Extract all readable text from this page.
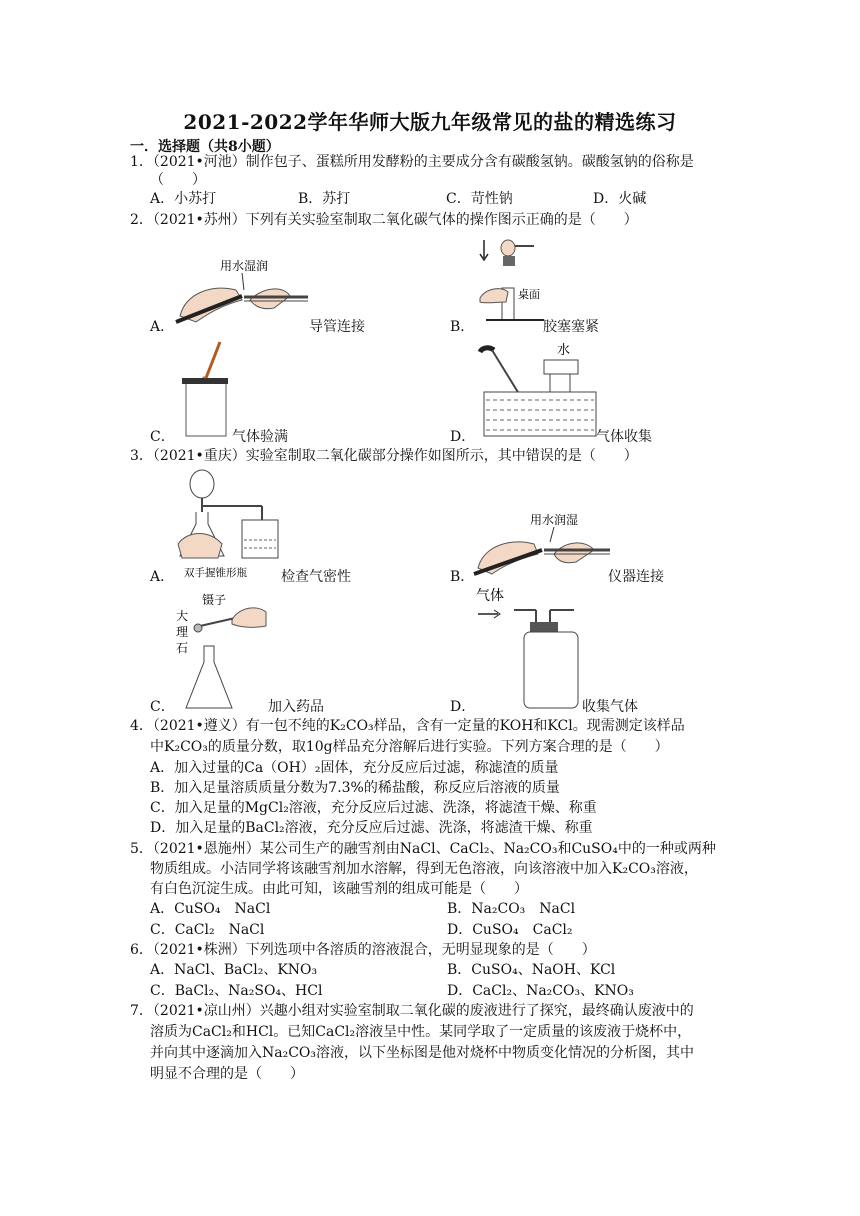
2021-2022学年华师大版九年级常见的盐的精选练习
一．选择题（共8小题）
1．（2021•河池）制作包子、蛋糕所用发酵粉的主要成分含有碳酸氢钠。碳酸氢钠的俗称是
（　　）
A．小苏打	B．苏打	C．苛性钠	D．火碱
2．（2021•苏州）下列有关实验室制取二氧化碳气体的操作图示正确的是（　　）
A．
用水湿润
导管连接	B．
桌面
胶塞塞紧
C．	气体验满	D．
水
气体收集
3．（2021•重庆）实验室制取二氧化碳部分操作如图所示，其中错误的是（　　）
A． 双手握锥形瓶 检查气密性	B．
用水润湿
仪器连接
C．
镊子
大
理
石
加入药品	D．
气体
收集气体
4．（2021•遵义）有一包不纯的K₂CO₃样品，含有一定量的KOH和KCl。现需测定该样品
中K₂CO₃的质量分数，取10g样品充分溶解后进行实验。下列方案合理的是（　　）
A．加入过量的Ca（OH）₂固体，充分反应后过滤，称滤渣的质量
B．加入足量溶质质量分数为7.3%的稀盐酸，称反应后溶液的质量
C．加入足量的MgCl₂溶液，充分反应后过滤、洗涤，将滤渣干燥、称重
D．加入足量的BaCl₂溶液，充分反应后过滤、洗涤，将滤渣干燥、称重
5．（2021•恩施州）某公司生产的融雪剂由NaCl、CaCl₂、Na₂CO₃和CuSO₄中的一种或两种
物质组成。小洁同学将该融雪剂加水溶解，得到无色溶液，向该溶液中加入K₂CO₃溶液，
有白色沉淀生成。由此可知，该融雪剂的组成可能是（　　）
A．CuSO₄　NaCl	B．Na₂CO₃　NaCl
C．CaCl₂　NaCl	D．CuSO₄　CaCl₂
6．（2021•株洲）下列选项中各溶质的溶液混合，无明显现象的是（　　）
A．NaCl、BaCl₂、KNO₃	B．CuSO₄、NaOH、KCl
C．BaCl₂、Na₂SO₄、HCl	D．CaCl₂、Na₂CO₃、KNO₃
7．（2021•凉山州）兴趣小组对实验室制取二氧化碳的废液进行了探究，最终确认废液中的
溶质为CaCl₂和HCl。已知CaCl₂溶液呈中性。某同学取了一定质量的该废液于烧杯中，
并向其中逐滴加入Na₂CO₃溶液，以下坐标图是他对烧杯中物质变化情况的分析图，其中
明显不合理的是（　　）
